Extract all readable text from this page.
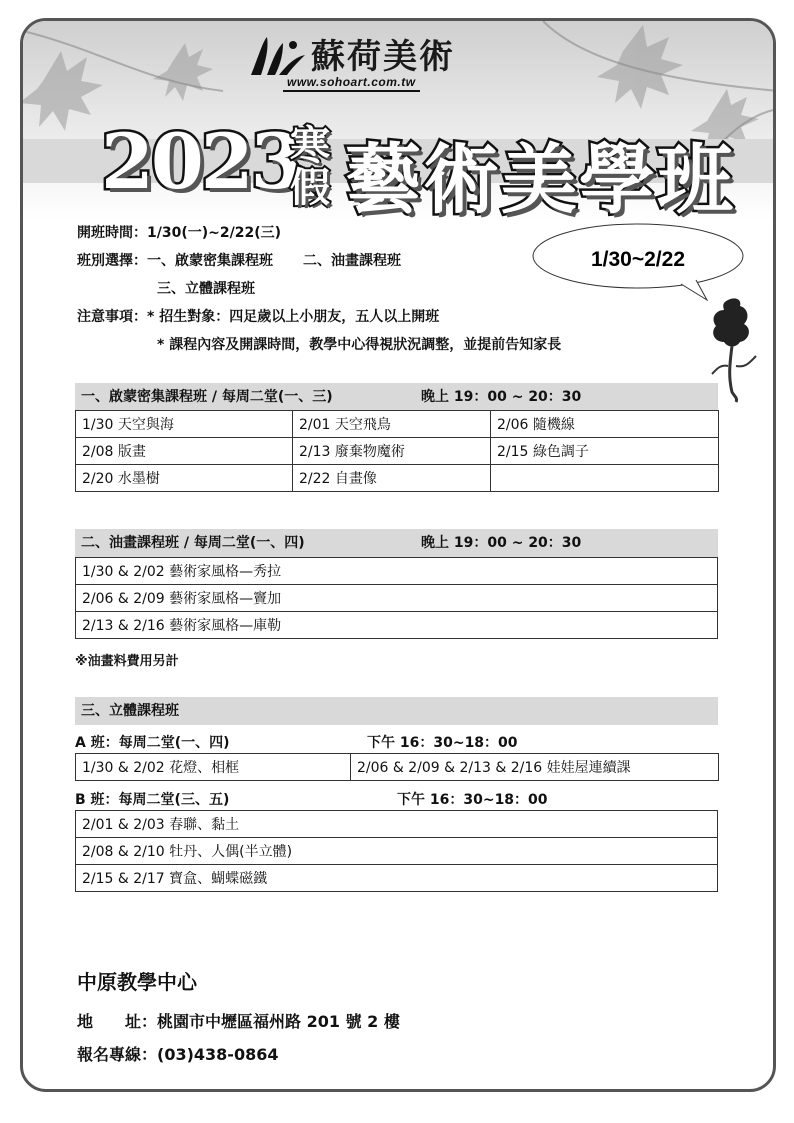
蘇荷美術
www.sohoart.com.tw
2023
寒
假 藝術美學班
開班時間：1/30(一)~2/22(三)
班別選擇：一、啟蒙密集課程班 二、油畫課程班
三、立體課程班
注意事項：* 招生對象：四足歲以上小朋友，五人以上開班
* 課程內容及開課時間，教學中心得視狀況調整，並提前告知家長
1/30~2/22
一、啟蒙密集課程班 / 每周二堂(一、三)	晚上 19：00 ~ 20：30
1/30 天空與海	2/01 天空飛鳥	2/06 隨機線
2/08 版畫	2/13 廢棄物魔術	2/15 綠色調子
2/20 水墨樹	2/22 自畫像	
二、油畫課程班 / 每周二堂(一、四)	晚上 19：00 ~ 20：30
1/30 & 2/02 藝術家風格—秀拉
2/06 & 2/09 藝術家風格—竇加
2/13 & 2/16 藝術家風格—庫勒
※油畫料費用另計
三、立體課程班
A 班：每周二堂(一、四)	下午 16：30~18：00
1/30 & 2/02 花燈、相框	2/06 & 2/09 & 2/13 & 2/16 娃娃屋連續課
B 班：每周二堂(三、五)	下午 16：30~18：00
2/01 & 2/03 春聯、黏土
2/08 & 2/10 牡丹、人偶(半立體)
2/15 & 2/17 寶盒、蝴蝶磁鐵
中原教學中心
地　　址：桃園市中壢區福州路 201 號 2 樓
報名專線：(03)438-0864
